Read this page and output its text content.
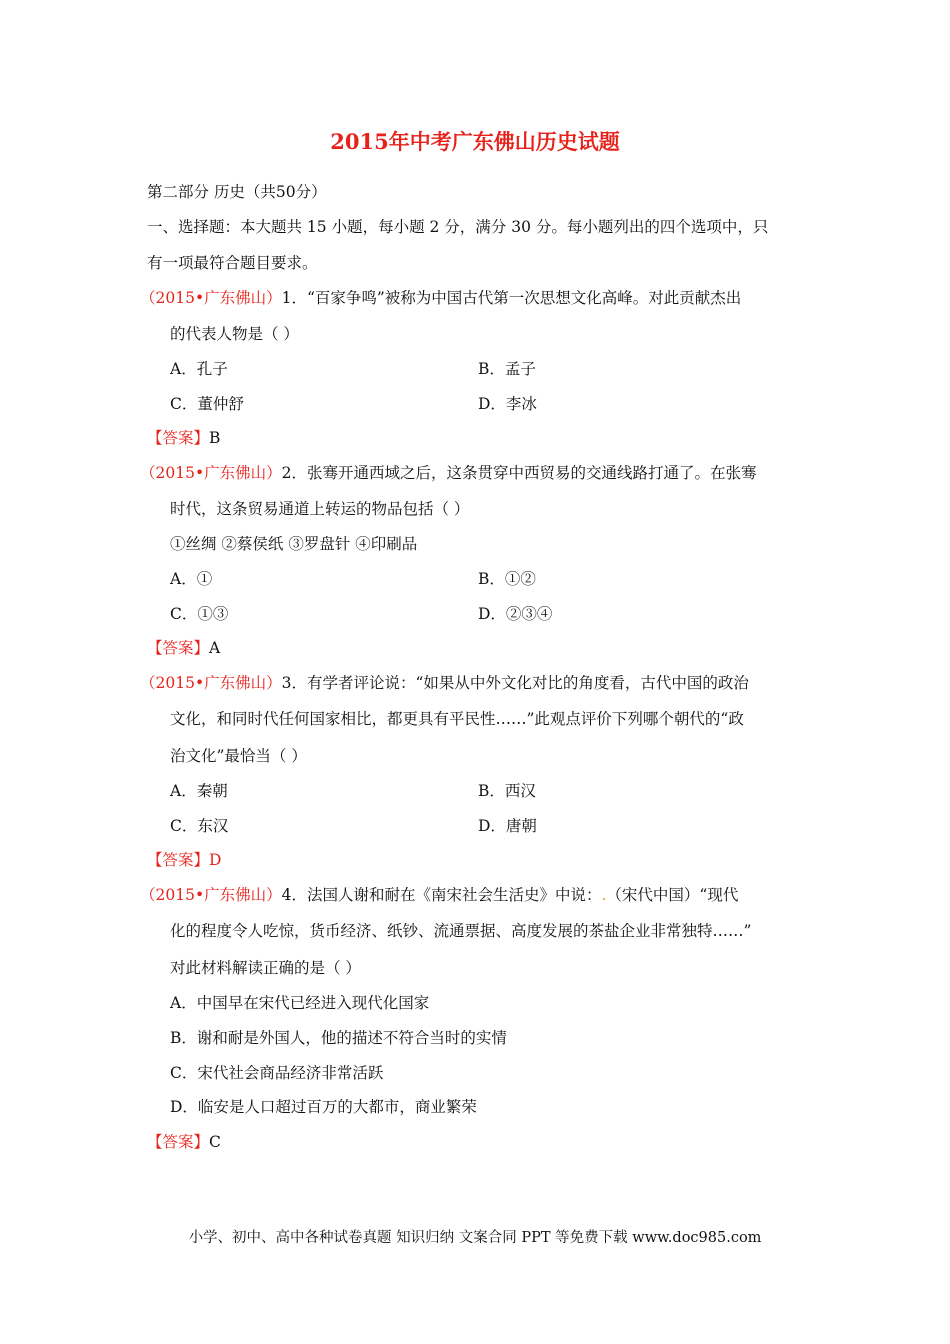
2015年中考广东佛山历史试题
第二部分 历史（共50分）
一、选择题：本大题共 15 小题，每小题 2 分，满分 30 分。每小题列出的四个选项中，只
有一项最符合题目要求。
（2015•广东佛山）1．“百家争鸣”被称为中国古代第一次思想文化高峰。对此贡献杰出
的代表人物是（ ）
A．孔子	B．孟子
C．董仲舒	D．李冰
【答案】B
（2015•广东佛山）2．张骞开通西域之后，这条贯穿中西贸易的交通线路打通了。在张骞
时代，这条贸易通道上转运的物品包括（ ）
①丝绸 ②蔡侯纸 ③罗盘针 ④印刷品
A．①	B．①②
C．①③	D．②③④
【答案】A
（2015•广东佛山）3．有学者评论说：“如果从中外文化对比的角度看，古代中国的政治
文化，和同时代任何国家相比，都更具有平民性……”此观点评价下列哪个朝代的“政
治文化”最恰当（ ）
A．秦朝	B．西汉
C．东汉	D．唐朝
【答案】D
（2015•广东佛山）4．法国人谢和耐在《南宋社会生活史》中说：.（宋代中国）“现代
化的程度令人吃惊，货币经济、纸钞、流通票据、高度发展的茶盐企业非常独特……”
对此材料解读正确的是（ ）
A．中国早在宋代已经进入现代化国家
B．谢和耐是外国人，他的描述不符合当时的实情
C．宋代社会商品经济非常活跃
D．临安是人口超过百万的大都市，商业繁荣
【答案】C
小学、初中、高中各种试卷真题 知识归纳 文案合同 PPT 等免费下载 www.doc985.com
